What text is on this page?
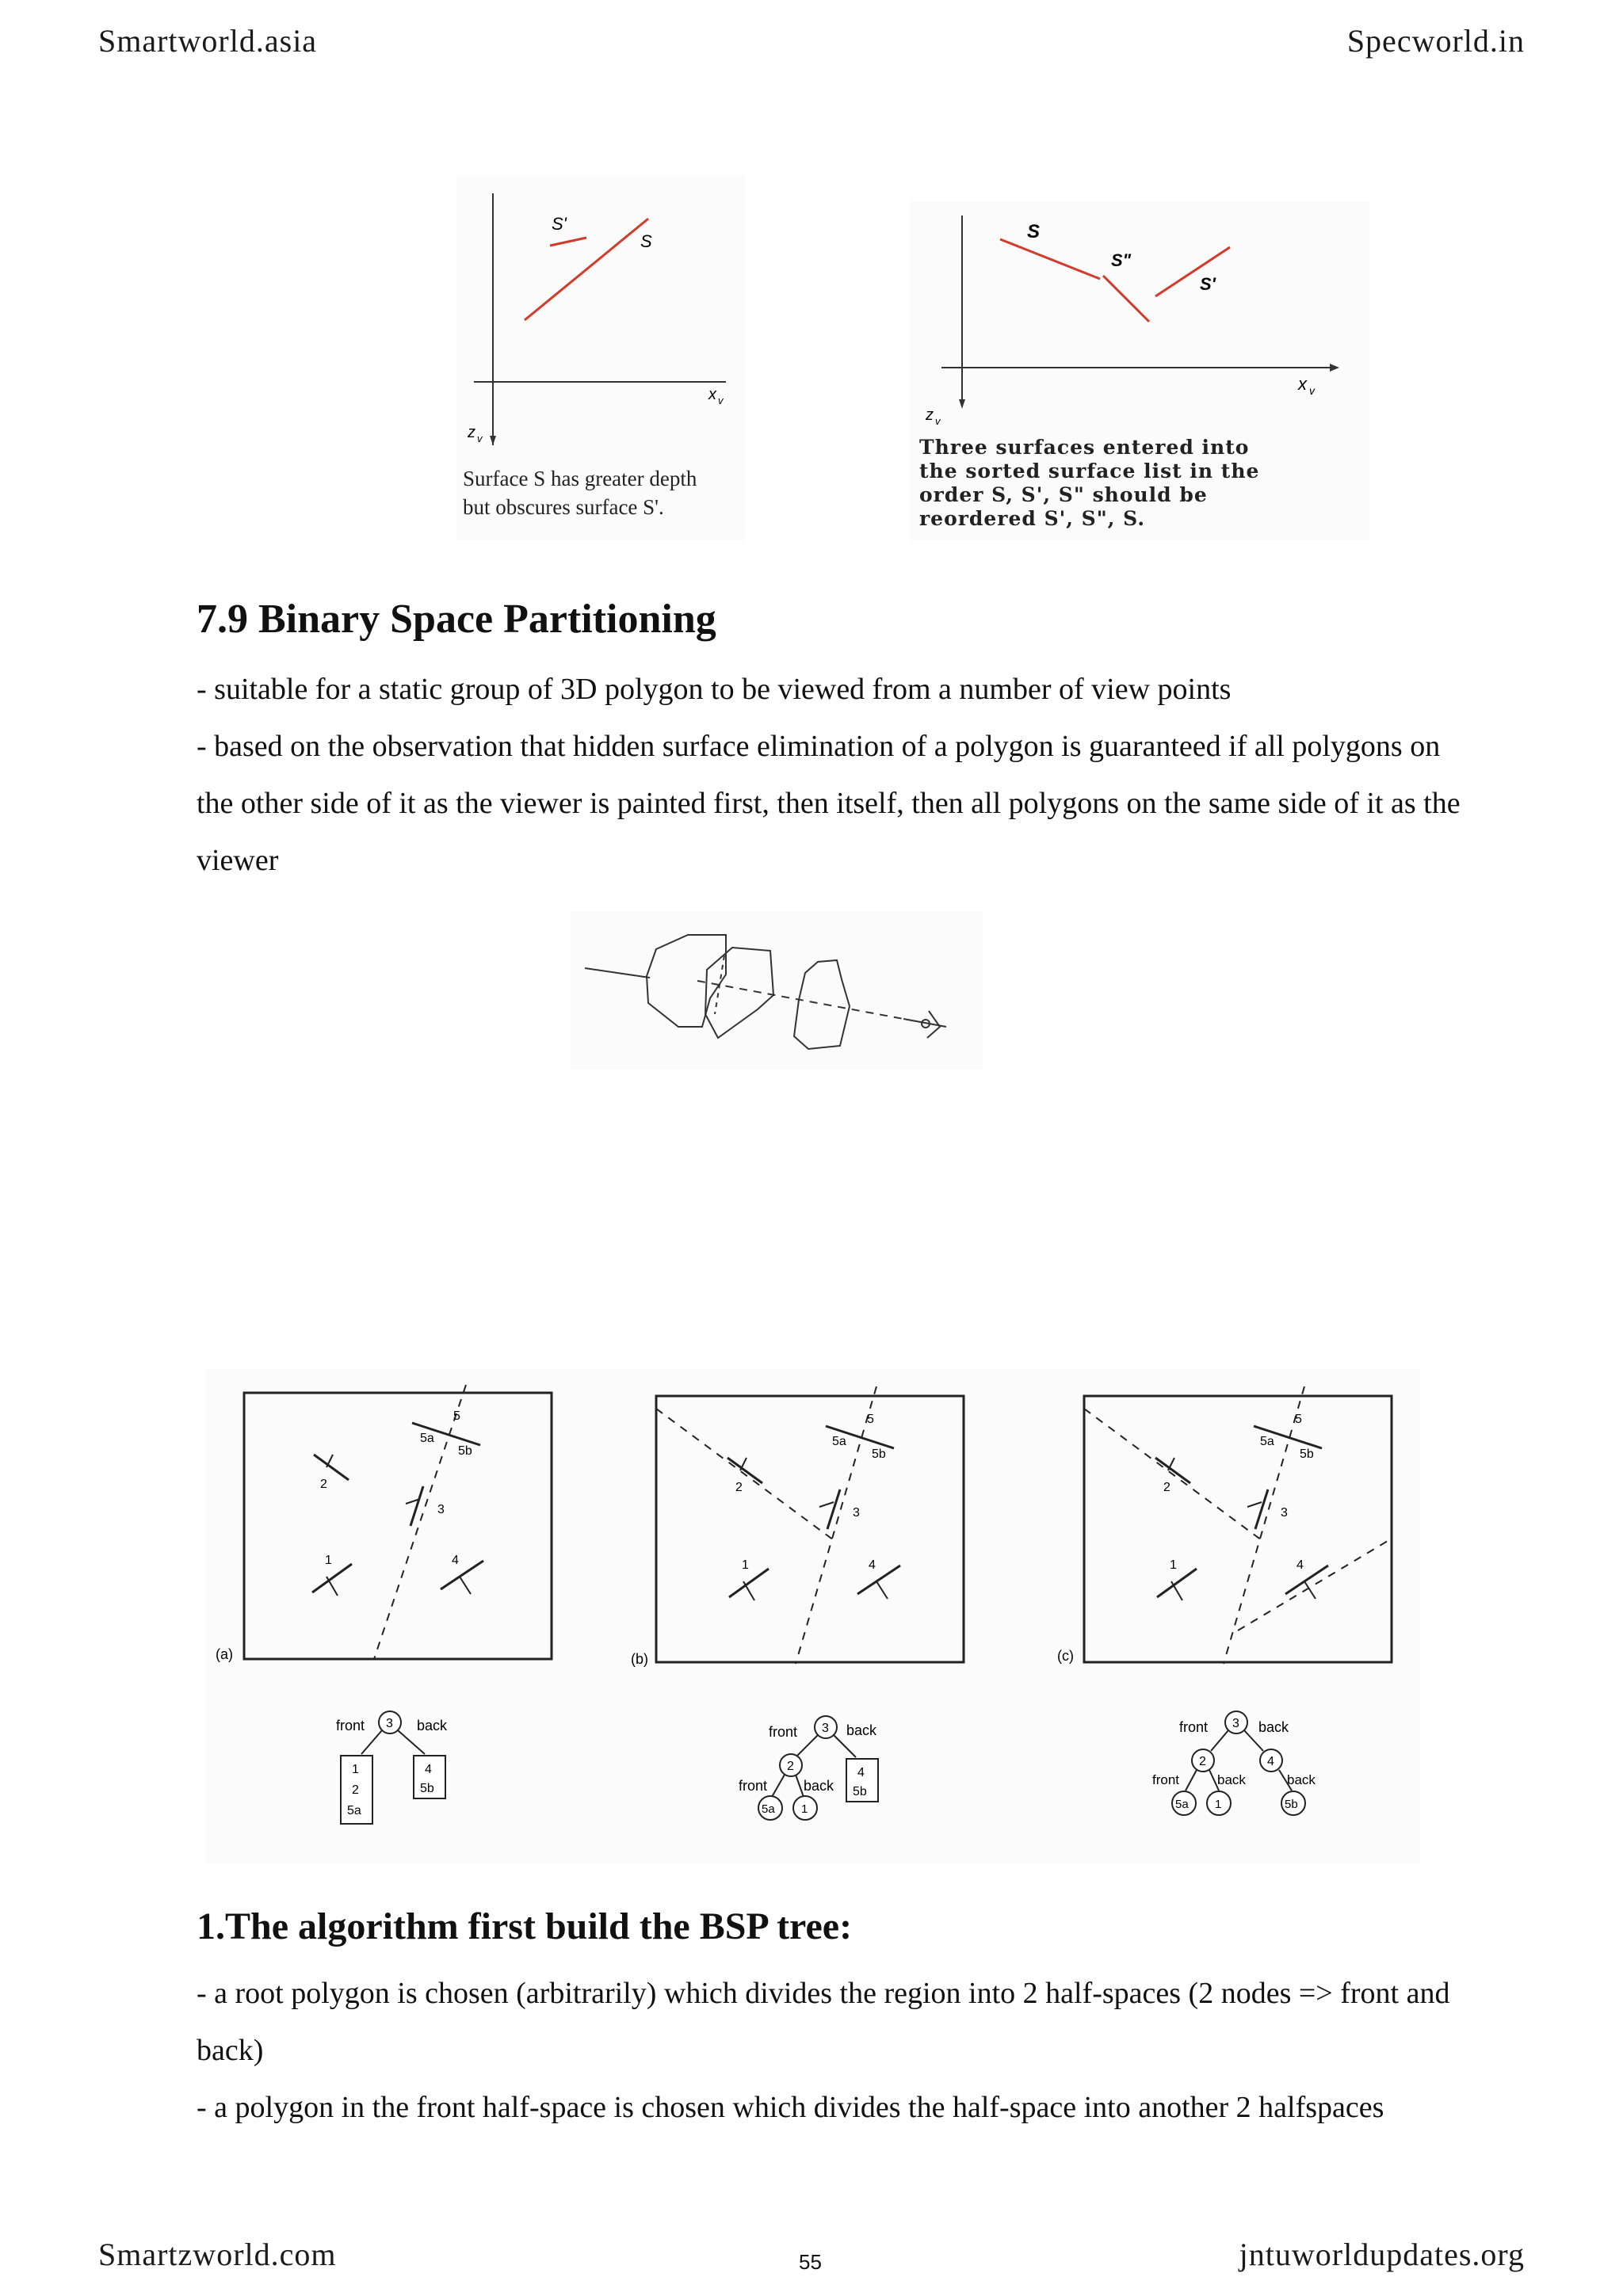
Smartworld.asia	Specworld.in
S'
S
x v
z v
Surface S has greater depth
but obscures surface S'.
S
S"
S'
x v
z v
Three surfaces entered into
the sorted surface list in the
order S, S', S" should be
reordered S', S", S.
7.9 Binary Space Partitioning

- suitable for a static group of 3D polygon to be viewed from a number of view points

- based on the observation that hidden surface elimination of a polygon is guaranteed if all polygons on the other side of it as the viewer is painted first, then itself, then all polygons on the same side of it as the viewer

5
5a
5b
2
3
1	4
(a)
3
front	back
1
2
5a
4
5b
5
5a
5b
2
3
1	4
(b)
3
front	back
2
front	back
5a 1
4
5b
5
5a
5b
2
3
1	4
(c)
3
front	back
2	4
front	back	back
5a 1	5b
1.The algorithm first build the BSP tree:

- a root polygon is chosen (arbitrarily) which divides the region into 2 half-spaces (2 nodes => front and back)

- a polygon in the front half-space is chosen which divides the half-space into another 2 halfspaces

Smartzworld.com	55	jntuworldupdates.org
